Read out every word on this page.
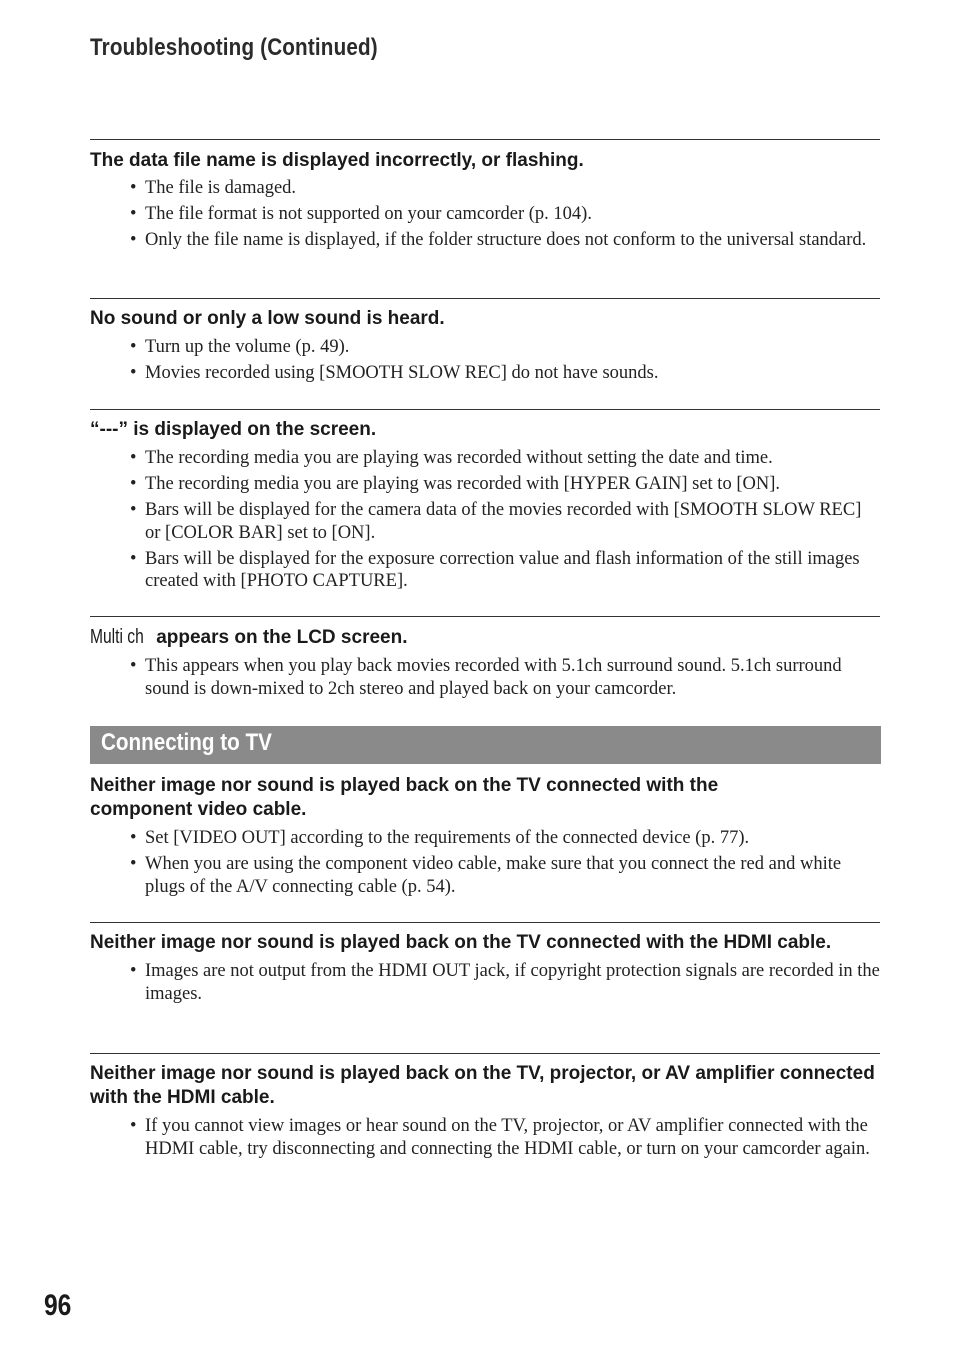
Troubleshooting (Continued)
The data file name is displayed incorrectly, or flashing.
• The file is damaged.
• The file format is not supported on your camcorder (p. 104).
• Only the file name is displayed, if the folder structure does not conform to the universal standard.
No sound or only a low sound is heard.
• Turn up the volume (p. 49).
• Movies recorded using [SMOOTH SLOW REC] do not have sounds.
“---” is displayed on the screen.
• The recording media you are playing was recorded without setting the date and time.
• The recording media you are playing was recorded with [HYPER GAIN] set to [ON].
• Bars will be displayed for the camera data of the movies recorded with [SMOOTH SLOW REC] or [COLOR BAR] set to [ON].
• Bars will be displayed for the exposure correction value and flash information of the still images created with [PHOTO CAPTURE].
Multi ch appears on the LCD screen.
• This appears when you play back movies recorded with 5.1ch surround sound. 5.1ch surround sound is down-mixed to 2ch stereo and played back on your camcorder.
Connecting to TV
Neither image nor sound is played back on the TV connected with the component video cable.
• Set [VIDEO OUT] according to the requirements of the connected device (p. 77).
• When you are using the component video cable, make sure that you connect the red and white plugs of the A/V connecting cable (p. 54).
Neither image nor sound is played back on the TV connected with the HDMI cable.
• Images are not output from the HDMI OUT jack, if copyright protection signals are recorded in the images.
Neither image nor sound is played back on the TV, projector, or AV amplifier connected with the HDMI cable.
• If you cannot view images or hear sound on the TV, projector, or AV amplifier connected with the HDMI cable, try disconnecting and connecting the HDMI cable, or turn on your camcorder again.
96
